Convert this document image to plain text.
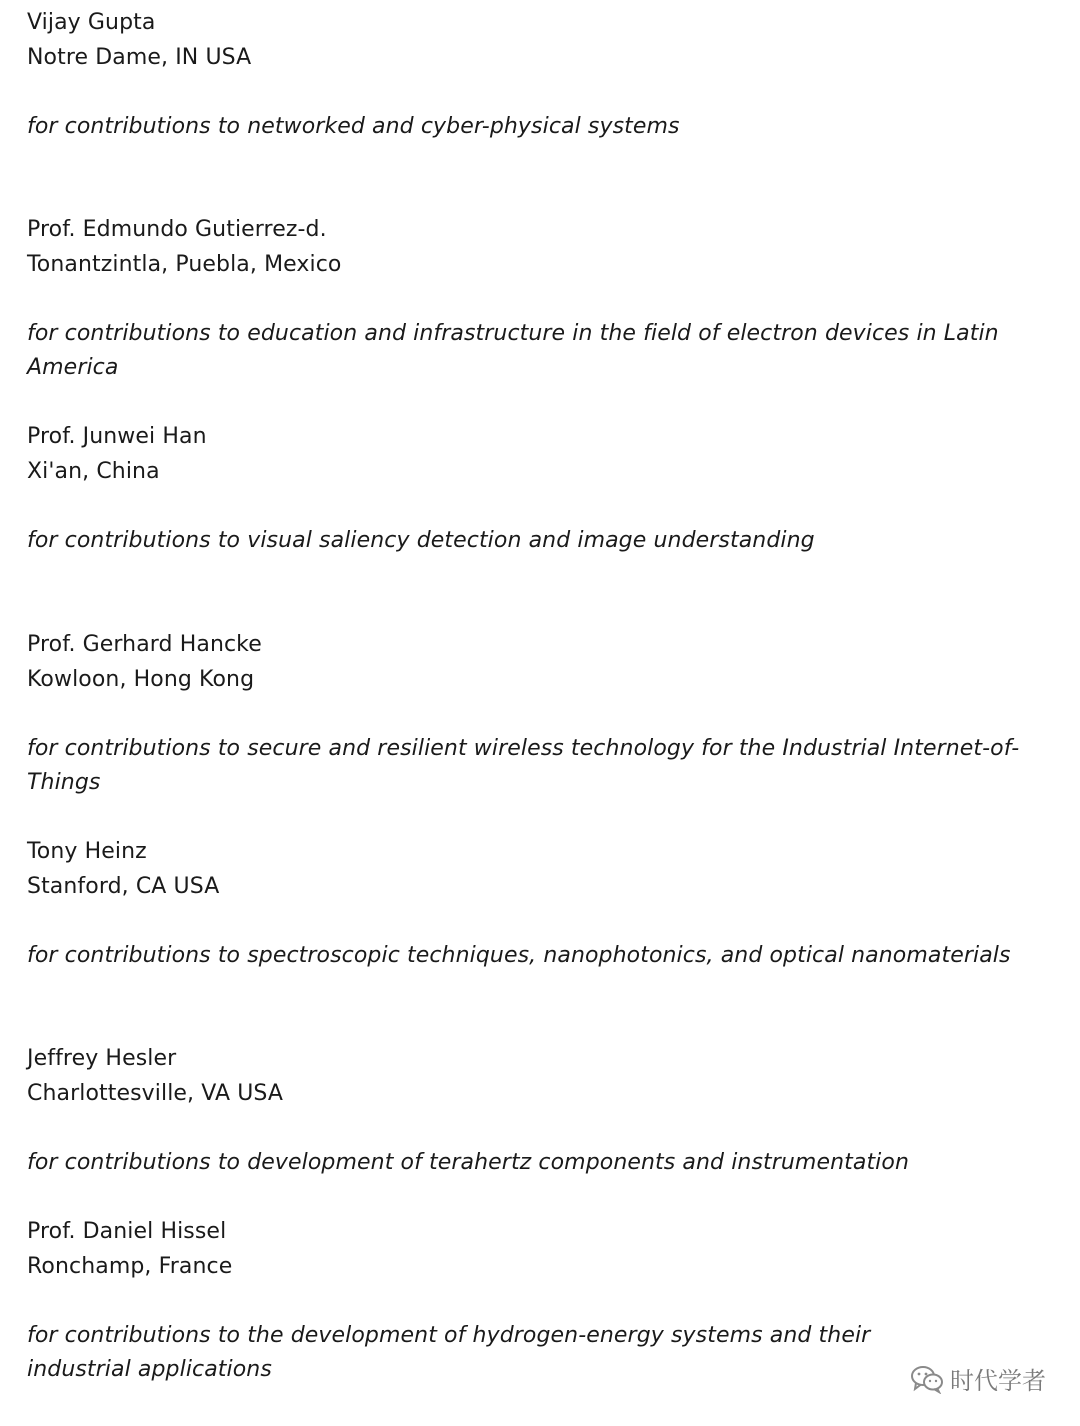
Vijay Gupta
Notre Dame, IN USA
for contributions to networked and cyber-physical systems
Prof. Edmundo Gutierrez-d.
Tonantzintla, Puebla, Mexico
for contributions to education and infrastructure in the field of electron devices in Latin America
Prof. Junwei Han
Xi'an, China
for contributions to visual saliency detection and image understanding
Prof. Gerhard Hancke
Kowloon, Hong Kong
for contributions to secure and resilient wireless technology for the Industrial Internet-of-Things
Tony Heinz
Stanford, CA USA
for contributions to spectroscopic techniques, nanophotonics, and optical nanomaterials
Jeffrey Hesler
Charlottesville, VA USA
for contributions to development of terahertz components and instrumentation
Prof. Daniel Hissel
Ronchamp, France
for contributions to the development of hydrogen-energy systems and their industrial applications	时代学者
